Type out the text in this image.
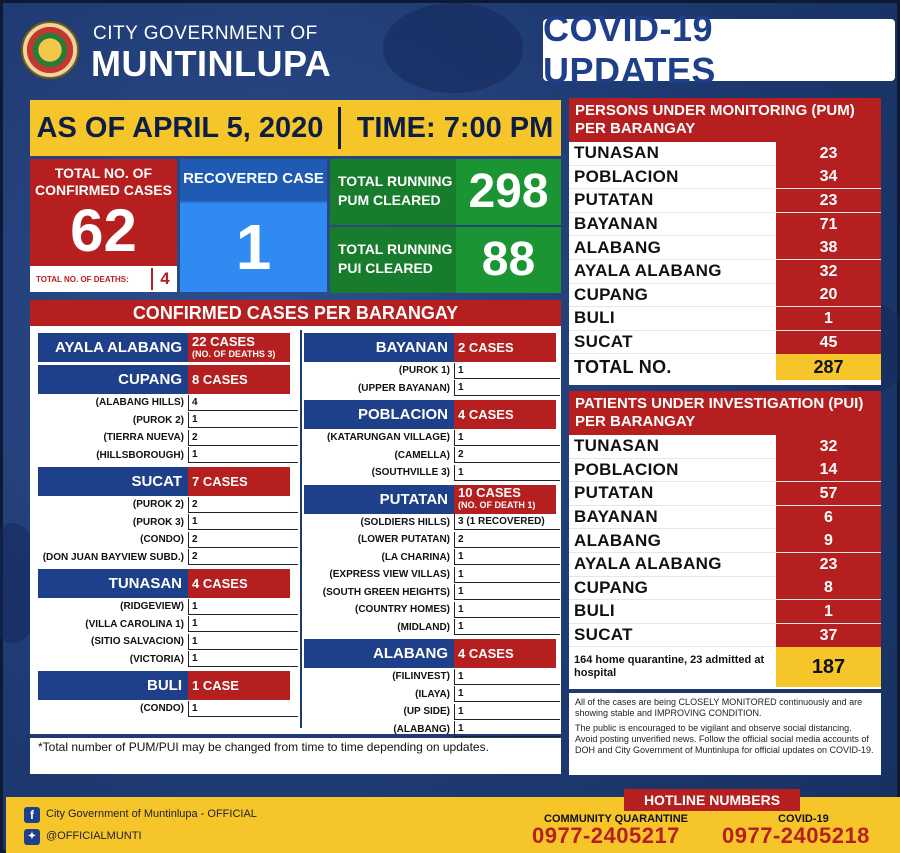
CITY GOVERNMENT OF
MUNTINLUPA
COVID-19 UPDATES
AS OF APRIL 5, 2020 TIME: 7:00 PM
TOTAL NO. OF CONFIRMED CASES
62
TOTAL NO. OF DEATHS:	4
RECOVERED CASE
1
TOTAL RUNNING PUM CLEARED 298
TOTAL RUNNING PUI CLEARED	88
CONFIRMED CASES PER BARANGAY
AYALA ALABANG 22 CASES
(NO. OF DEATHS 3)
CUPANG 8 CASES
(ALABANG HILLS) 4
(PUROK 2) 1
(TIERRA NUEVA) 2
(HILLSBOROUGH) 1
SUCAT 7 CASES
(PUROK 2) 2
(PUROK 3) 1
(CONDO) 2
(DON JUAN BAYVIEW SUBD.) 2
TUNASAN 4 CASES
(RIDGEVIEW) 1
(VILLA CAROLINA 1) 1
(SITIO SALVACION) 1
(VICTORIA) 1
BULI 1 CASE
(CONDO) 1
BAYANAN 2 CASES
(PUROK 1) 1
(UPPER BAYANAN) 1
POBLACION 4 CASES
(KATARUNGAN VILLAGE) 1
(CAMELLA) 2
(SOUTHVILLE 3) 1
PUTATAN 10 CASES
(NO. OF DEATH 1)
(SOLDIERS HILLS) 3 (1 RECOVERED)
(LOWER PUTATAN) 2
(LA CHARINA) 1
(EXPRESS VIEW VILLAS) 1
(SOUTH GREEN HEIGHTS) 1
(COUNTRY HOMES) 1
(MIDLAND) 1
ALABANG 4 CASES
(FILINVEST) 1
(ILAYA) 1
(UP SIDE) 1
(ALABANG) 1
*Total number of PUM/PUI may be changed from time to time depending on updates.
PERSONS UNDER MONITORING (PUM) PER BARANGAY
TUNASAN	23
POBLACION	34
PUTATAN	23
BAYANAN	71
ALABANG	38
AYALA ALABANG	32
CUPANG	20
BULI	1
SUCAT	45
TOTAL NO.	287
PATIENTS UNDER INVESTIGATION (PUI) PER BARANGAY
TUNASAN	32
POBLACION	14
PUTATAN	57
BAYANAN	6
ALABANG	9
AYALA ALABANG	23
CUPANG	8
BULI	1
SUCAT	37
164 home quarantine, 23 admitted at hospital	187

All of the cases are being CLOSELY MONITORED continuously and are showing stable and IMPROVING CONDITION.

The public is encouraged to be vigilant and observe social distancing. Avoid posting unverified news. Follow the official social media accounts of DOH and City Government of Muntinlupa for official updates on COVID-19.

f	City Government of Muntinlupa - OFFICIAL
✦ @OFFICIALMUNTI
HOTLINE NUMBERS
COMMUNITY QUARANTINE
0977-2405217
COVID-19
0977-2405218
